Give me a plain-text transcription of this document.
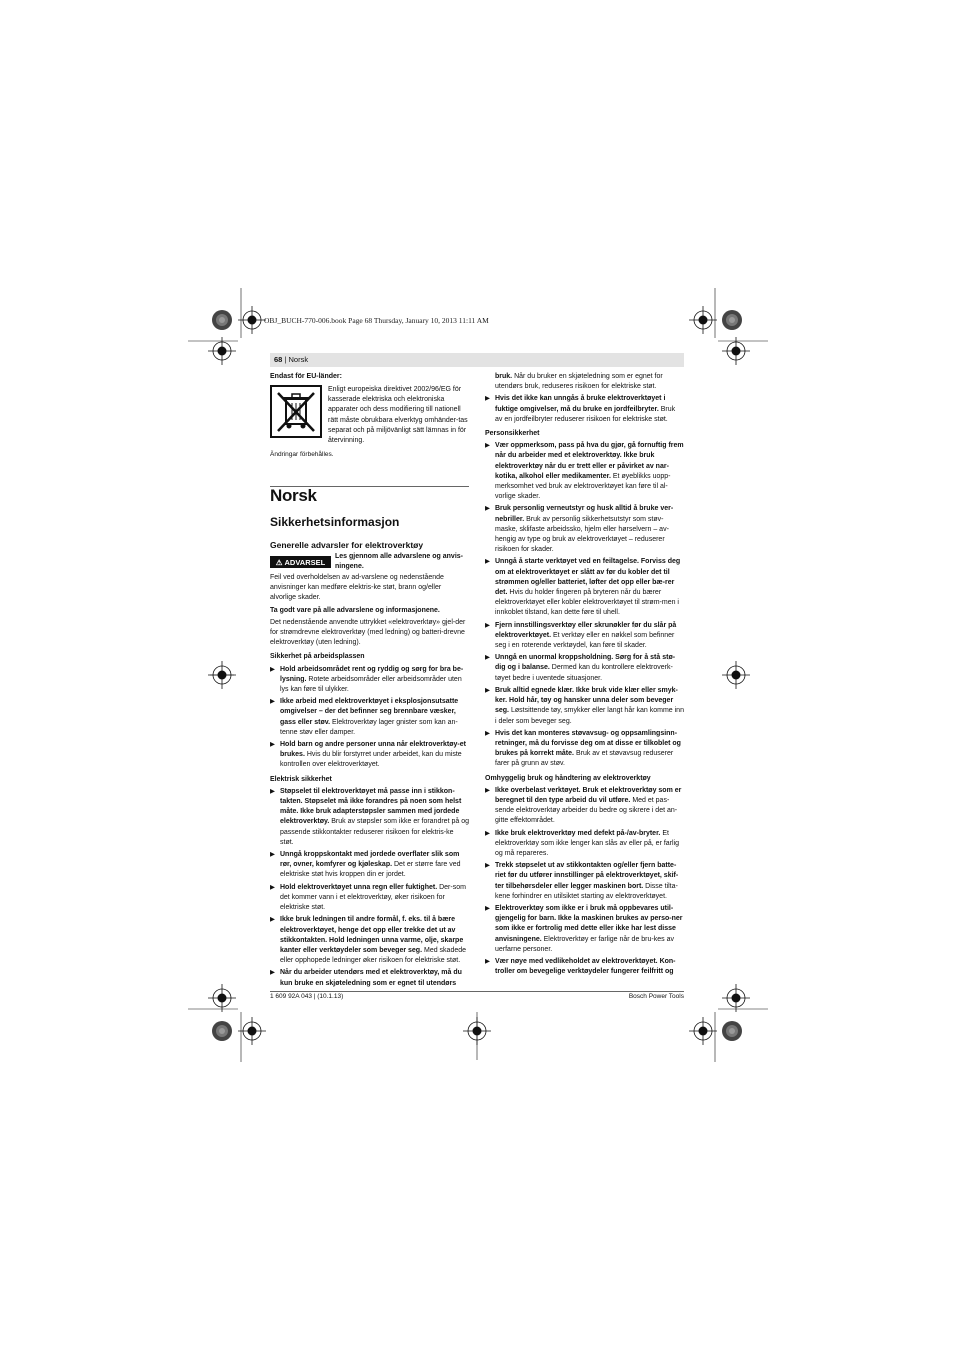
OBJ_BUCH-770-006.book Page 68 Thursday, January 10, 2013 11:11 AM
68 | Norsk

Endast för EU-länder:

Enligt europeiska direktivet 2002/96/EG för kasserade elektriska och elektroniska apparater och dess modifiering till nationell rätt måste obrukbara elverktyg omhänder-tas separat och på miljövänligt sätt lämnas in för återvinning.
Ändringar förbehålles.
Norsk
Sikkerhetsinformasjon
Generelle advarsler for elektroverktøy
⚠ ADVARSEL
Les gjennom alle advarslene og anvis-ningene.

Feil ved overholdelsen av ad-varslene og nedenstående anvisninger kan medføre elektris-ke støt, brann og/eller alvorlige skader.

Ta godt vare på alle advarslene og informasjonene.

Det nedenstående anvendte uttrykket «elektroverktøy» gjel-der for strømdrevne elektroverktøy (med ledning) og batteri-drevne elektroverktøy (uten ledning).

Sikkerhet på arbeidsplassen
▶ Hold arbeidsområdet rent og ryddig og sørg for bra be-lysning. Rotete arbeidsområder eller arbeidsområder uten lys kan føre til ulykker.
▶ Ikke arbeid med elektroverktøyet i eksplosjonsutsatte omgivelser – der det befinner seg brennbare væsker, gass eller støv. Elektroverktøy lager gnister som kan an-tenne støv eller damper.
▶ Hold barn og andre personer unna når elektroverktøy-et brukes. Hvis du blir forstyrret under arbeidet, kan du miste kontrollen over elektroverktøyet.
Elektrisk sikkerhet
▶ Støpselet til elektroverktøyet må passe inn i stikkon-takten. Støpselet må ikke forandres på noen som helst måte. Ikke bruk adapterstøpsler sammen med jordede elektroverktøy. Bruk av støpsler som ikke er forandret på og passende stikkontakter reduserer risikoen for elektris-ke støt.
▶ Unngå kroppskontakt med jordede overflater slik som rør, ovner, komfyrer og kjøleskap. Det er større fare ved elektriske støt hvis kroppen din er jordet.
▶ Hold elektroverktøyet unna regn eller fuktighet. Der-som det kommer vann i et elektroverktøy, øker risikoen for elektriske støt.
▶ Ikke bruk ledningen til andre formål, f. eks. til å bære elektroverktøyet, henge det opp eller trekke det ut av stikkontakten. Hold ledningen unna varme, olje, skarpe kanter eller verktøydeler som beveger seg. Med skadede eller opphopede ledninger øker risikoen for elektriske støt.
▶ Når du arbeider utendørs med et elektroverktøy, må du kun bruke en skjøteledning som er egnet til utendørs

bruk. Når du bruker en skjøteledning som er egnet for utendørs bruk, reduseres risikoen for elektriske støt.

▶ Hvis det ikke kan unngås å bruke elektroverktøyet i fuktige omgivelser, må du bruke en jordfeilbryter. Bruk av en jordfeilbryter reduserer risikoen for elektriske støt.
Personsikkerhet
▶ Vær oppmerksom, pass på hva du gjør, gå fornuftig frem når du arbeider med et elektroverktøy. Ikke bruk elektroverktøy når du er trett eller er påvirket av nar-kotika, alkohol eller medikamenter. Et øyeblikks uopp-merksomhet ved bruk av elektroverktøyet kan føre til al-vorlige skader.
▶ Bruk personlig verneutstyr og husk alltid å bruke ver-nebriller. Bruk av personlig sikkerhetsutstyr som støv-maske, sklifaste arbeidssko, hjelm eller hørselvern – av-hengig av type og bruk av elektroverktøyet – reduserer risikoen for skader.
▶ Unngå å starte verktøyet ved en feiltagelse. Forviss deg om at elektroverktøyet er slått av før du kobler det til strømmen og/eller batteriet, løfter det opp eller bæ-rer det. Hvis du holder fingeren på bryteren når du bærer elektroverktøyet eller kobler elektroverktøyet til strøm-men i innkoblet tilstand, kan dette føre til uhell.
▶ Fjern innstillingsverktøy eller skrunøkler før du slår på elektroverktøyet. Et verktøy eller en nøkkel som befinner seg i en roterende verktøydel, kan føre til skader.
▶ Unngå en unormal kroppsholdning. Sørg for å stå stø-dig og i balanse. Dermed kan du kontrollere elektroverk-tøyet bedre i uventede situasjoner.
▶ Bruk alltid egnede klær. Ikke bruk vide klær eller smyk-ker. Hold hår, tøy og hansker unna deler som beveger seg. Løstsittende tøy, smykker eller langt hår kan komme inn i deler som beveger seg.
▶ Hvis det kan monteres støvavsug- og oppsamlingsinn-retninger, må du forvisse deg om at disse er tilkoblet og brukes på korrekt måte. Bruk av et støvavsug reduserer farer på grunn av støv.
Omhyggelig bruk og håndtering av elektroverktøy
▶ Ikke overbelast verktøyet. Bruk et elektroverktøy som er beregnet til den type arbeid du vil utføre. Med et pas-sende elektroverktøy arbeider du bedre og sikrere i det an-gitte effektområdet.
▶ Ikke bruk elektroverktøy med defekt på-/av-bryter. Et elektroverktøy som ikke lenger kan slås av eller på, er farlig og må repareres.
▶ Trekk støpselet ut av stikkontakten og/eller fjern batte-riet før du utfører innstillinger på elektroverktøyet, skif-ter tilbehørsdeler eller legger maskinen bort. Disse tilta-kene forhindrer en utilsiktet starting av elektroverktøyet.
▶ Elektroverktøy som ikke er i bruk må oppbevares util-gjengelig for barn. Ikke la maskinen brukes av perso-ner som ikke er fortrolig med dette eller ikke har lest disse anvisningene. Elektroverktøy er farlige når de bru-kes av uerfarne personer.
▶ Vær nøye med vedlikeholdet av elektroverktøyet. Kon-troller om bevegelige verktøydeler fungerer feilfritt og
1 609 92A 043 | (10.1.13)	Bosch Power Tools
